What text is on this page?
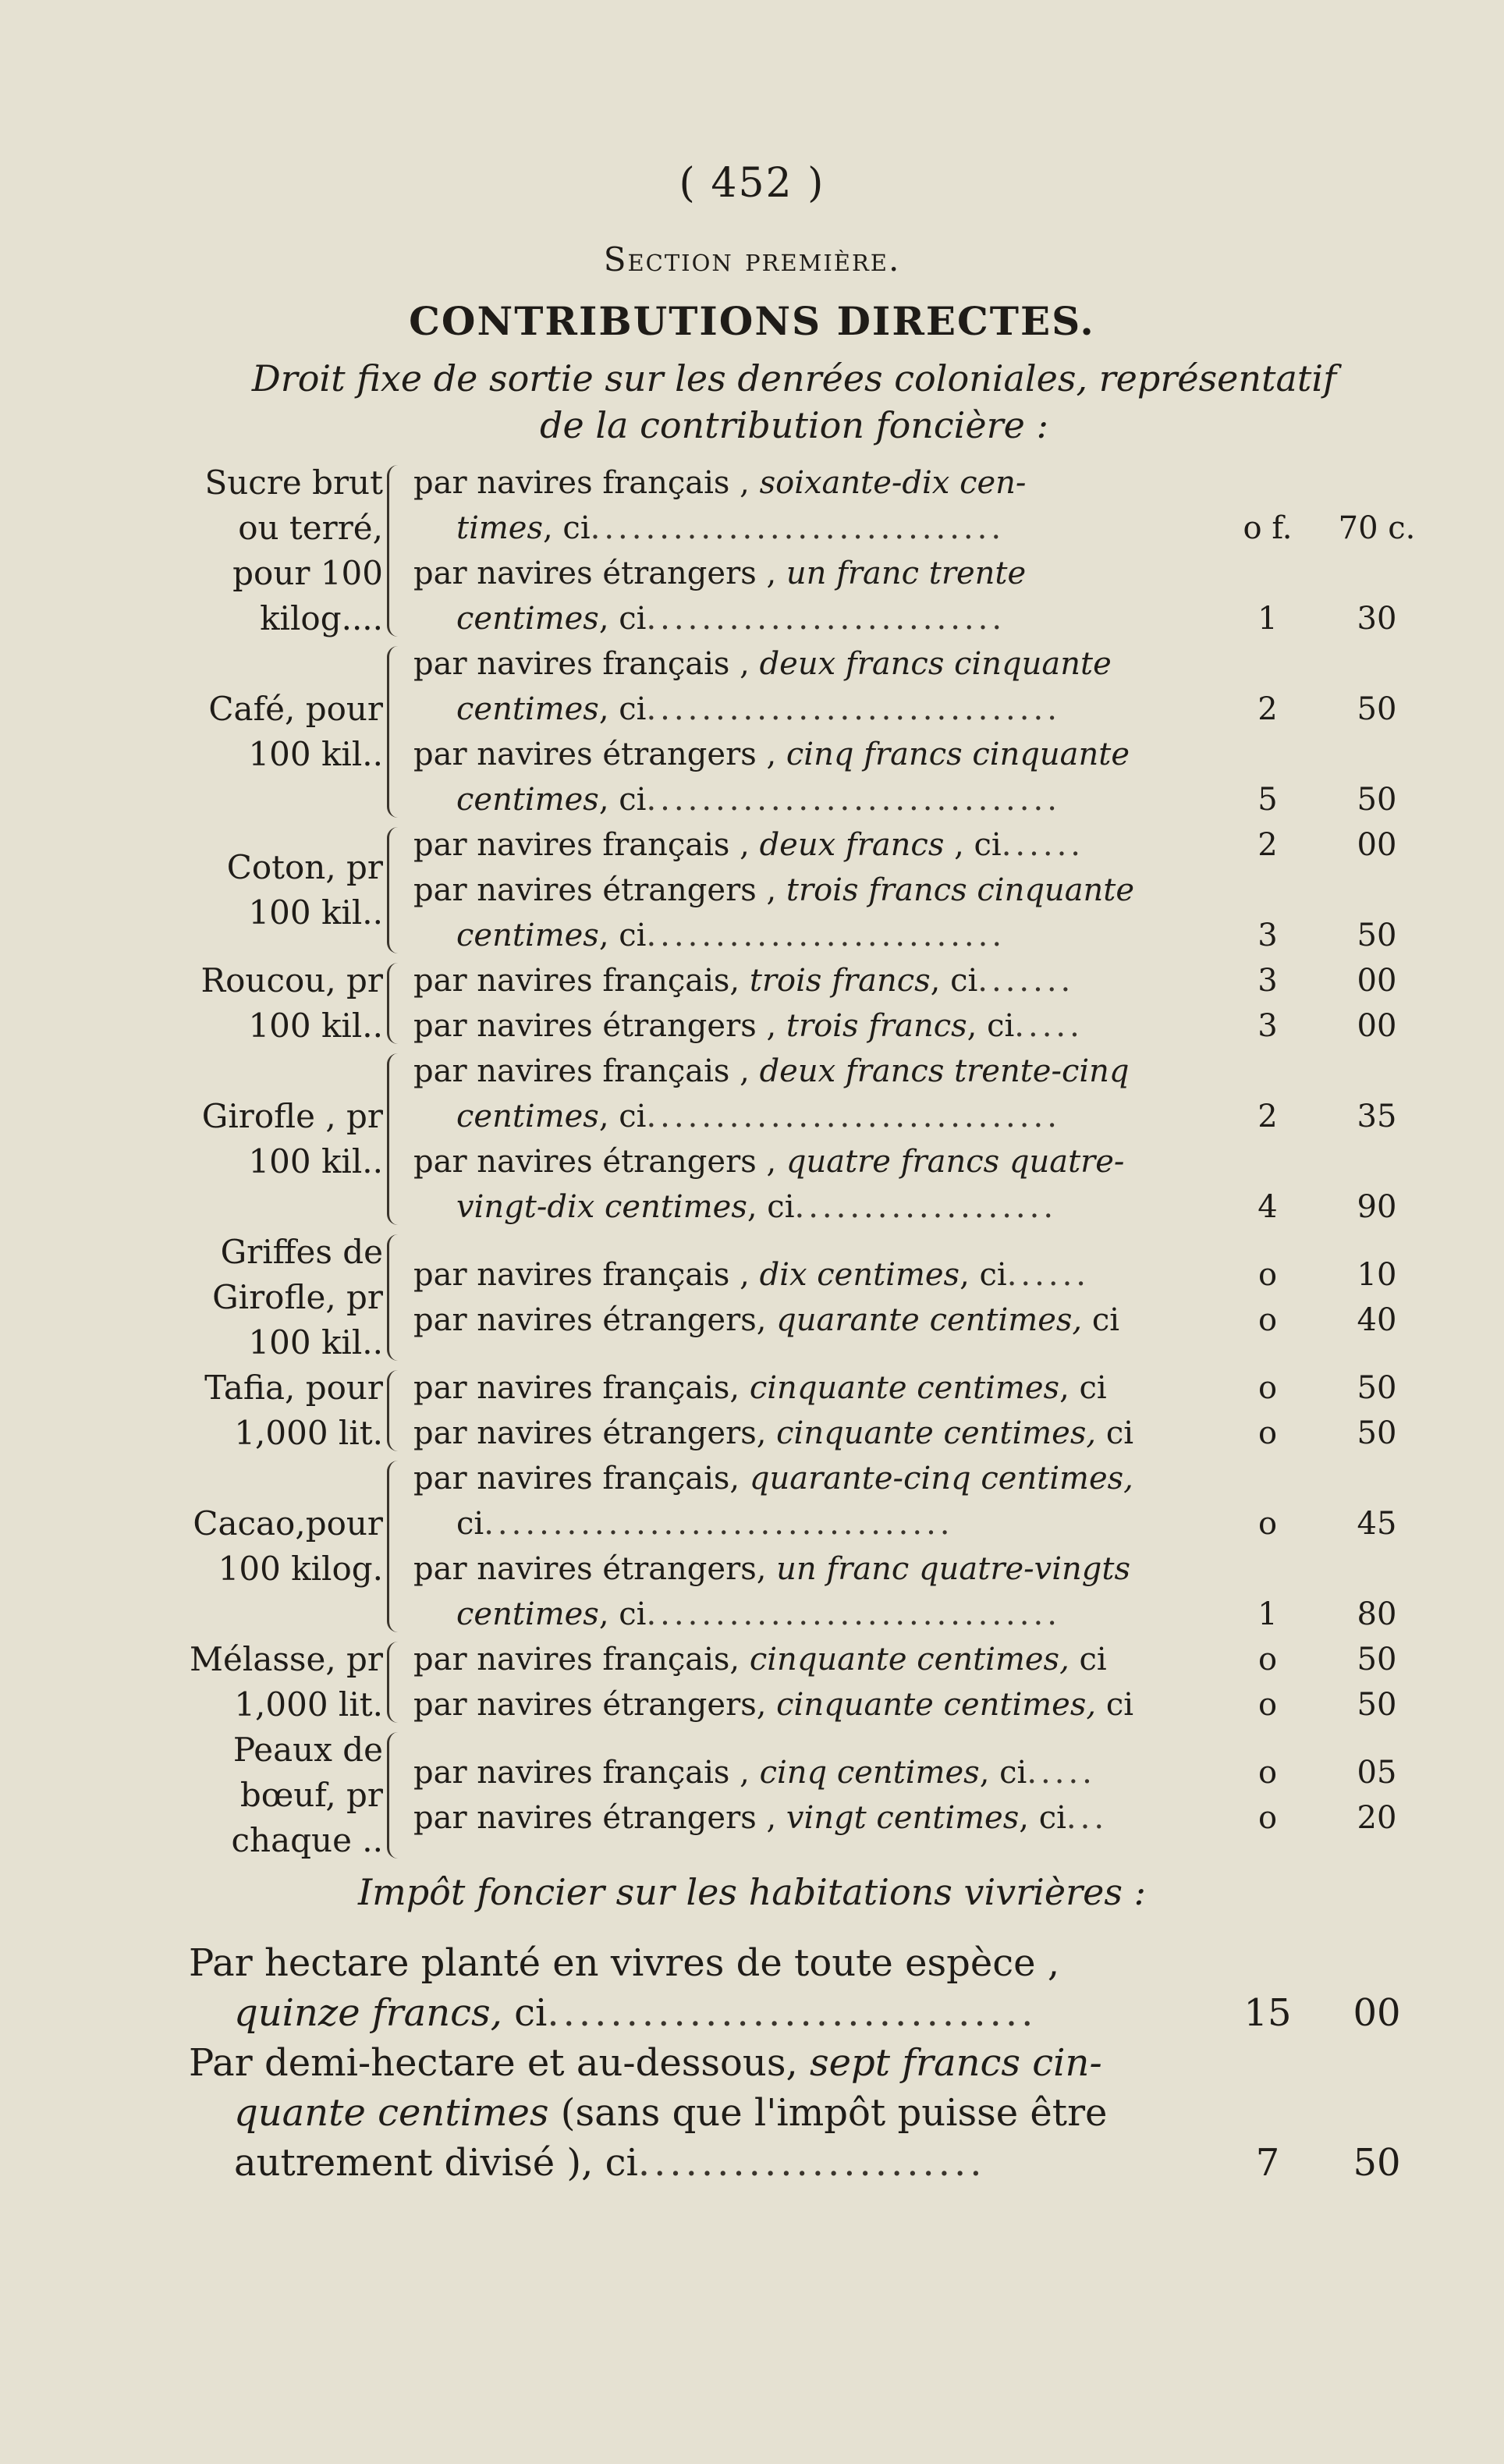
( 452 )
Section première.
CONTRIBUTIONS DIRECTES.
Droit fixe de sortie sur les denrées coloniales, représentatif
de la contribution foncière :
Sucre brut
ou terré,
pour 100
kilog....
par navires français , soixante-dix cen-
times, ci..............................	o f.	70 c.
par navires étrangers , un franc trente
centimes, ci..........................	1	30
Café, pour
100 kil..
par navires français , deux francs cinquante
centimes, ci..............................	2	50
par navires étrangers , cinq francs cinquante
centimes, ci..............................	5	50
Coton, pr
100 kil..
par navires français , deux francs , ci......	2	00
par navires étrangers , trois francs cinquante
centimes, ci..........................	3	50
Roucou, pr
100 kil..
par navires français, trois francs, ci.......	3	00
par navires étrangers , trois francs, ci.....	3	00
Girofle , pr
100 kil..
par navires français , deux francs trente-cinq
centimes, ci..............................	2	35
par navires étrangers , quatre francs quatre-
vingt-dix centimes, ci...................	4	90
Griffes de
Girofle, pr
100 kil..
par navires français , dix centimes, ci......	o	10
par navires étrangers, quarante centimes, ci	o	40
Tafia, pour
1,000 lit.
par navires français, cinquante centimes, ci	o	50
par navires étrangers, cinquante centimes, ci	o	50
Cacao,pour
100 kilog.
par navires français, quarante-cinq centimes,
ci..................................	o	45
par navires étrangers, un franc quatre-vingts
centimes, ci..............................	1	80
Mélasse, pr
1,000 lit.
par navires français, cinquante centimes, ci	o	50
par navires étrangers, cinquante centimes, ci	o	50
Peaux de
bœuf, pr
chaque ..
par navires français , cinq centimes, ci.....	o	05
par navires étrangers , vingt centimes, ci...	o	20
Impôt foncier sur les habitations vivrières :
Par hectare planté en vivres de toute espèce ,
quinze francs, ci...............................	15	00
Par demi-hectare et au-dessous, sept francs cin-
quante centimes (sans que l'impôt puisse être
autrement divisé ), ci......................	7	50
